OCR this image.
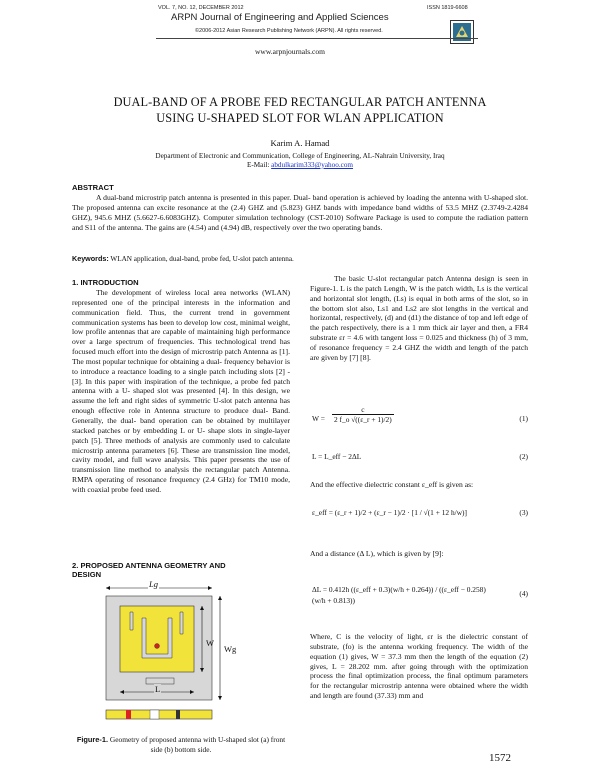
VOL. 7, NO. 12, DECEMBER 2012	ISSN 1819-6608
ARPN Journal of Engineering and Applied Sciences
©2006-2012 Asian Research Publishing Network (ARPN). All rights reserved.
www.arpnjournals.com
DUAL-BAND OF A PROBE FED RECTANGULAR PATCH ANTENNA
USING U-SHAPED SLOT FOR WLAN APPLICATION
Karim A. Hamad
Department of Electronic and Communication, College of Engineering, AL-Nahrain University, Iraq
E-Mail: abdulkarim333@yahoo.com
ABSTRACT
A dual-band microstrip patch antenna is presented in this paper. Dual- band operation is achieved by loading the antenna with U-shaped slot. The proposed antenna can excite resonance at the (2.4) GHZ and (5.823) GHZ bands with impedance band widths of 53.5 MHZ (2.3749-2.4284 GHZ), 945.6 MHZ (5.6627-6.6083GHZ). Computer simulation technology (CST-2010) Software Package is used to compute the radiation pattern and S11 of the antenna. The gains are (4.54) and (4.94) dB, respectively over the two operating bands.
Keywords: WLAN application, dual-band, probe fed, U-slot patch antenna.
1. INTRODUCTION
The development of wireless local area networks (WLAN) represented one of the principal interests in the information and communication field. Thus, the current trend in government communication systems has been to develop low cost, minimal weight, low profile antennas that are capable of maintaining high performance over a large spectrum of frequencies. This technological trend has focused much effort into the design of microstrip patch Antenna as [1]. The most popular technique for obtaining a dual- frequency behavior is to introduce a reactance loading to a single patch including slots [2] - [3]. In this paper with inspiration of the technique, a probe fed patch antenna with a U- shaped slot was presented [4]. In this design, we assume the left and right sides of symmetric U-slot patch antenna has enough effective role in Antenna structure to produce dual- Band. Generally, the dual- band operation can be obtained by multilayer stacked patches or by embedding L or U- shape slots in single-layer patch [5]. Three methods of analysis are commonly used to calculate microstrip antenna parameters [6]. These are transmission line model, cavity model, and full wave analysis. This paper presents the use of transmission line method to analysis the rectangular patch Antenna. RMPA operating of resonance frequency (2.4 GHz) for TM10 mode, with coaxial probe feed used.
2. PROPOSED ANTENNA GEOMETRY AND
DESIGN
Lg
W
Wg
L
Figure-1. Geometry of proposed antenna with U-shaped slot (a) front side (b) bottom side.
The basic U-slot rectangular patch Antenna design is seen in Figure-1. L is the patch Length, W is the patch width, Ls is the vertical and horizontal slot length, (Ls) is equal in both arms of the slot, so in the bottom slot also, Ls1 and Ls2 are slot lengths in the vertical and horizontal, respectively, (d) and (d1) the distance of top and left edge of the patch respectively, there is a 1 mm thick air layer and then, a FR4 substrate εr = 4.6 with tangent loss = 0.025 and thickness (h) of 3 mm, of resonance frequency = 2.4 GHZ the width and length of the patch are given by [7] [8].
$W = \frac{c}{2 f\_o √((\varepsilon\_r + 1)/2)}$	(1)
L = L_eff − 2ΔL	(2)
And the effective dielectric constant ε_eff is given as:
ε_eff = (ε_r + 1)/2 + (ε_r − 1)/2 · [1 / √(1 + 12 h/w)]	(3)
And a distance (Δ L), which is given by [9]:
ΔL = 0.412h ((ε_eff + 0.3)(w/h + 0.264)) / ((ε_eff − 0.258)(w/h + 0.813))
(4)
Where, C is the velocity of light, εr is the dielectric constant of substrate, (fo) is the antenna working frequency. The width of the equation (1) gives, W = 37.3 mm then the length of the equation (2) gives, L = 28.202 mm. after going through with the optimization process the final optimization process, the final optimum parameters for the rectangular microstrip antenna were obtained where the width and length are found (37.33) mm and
1572
